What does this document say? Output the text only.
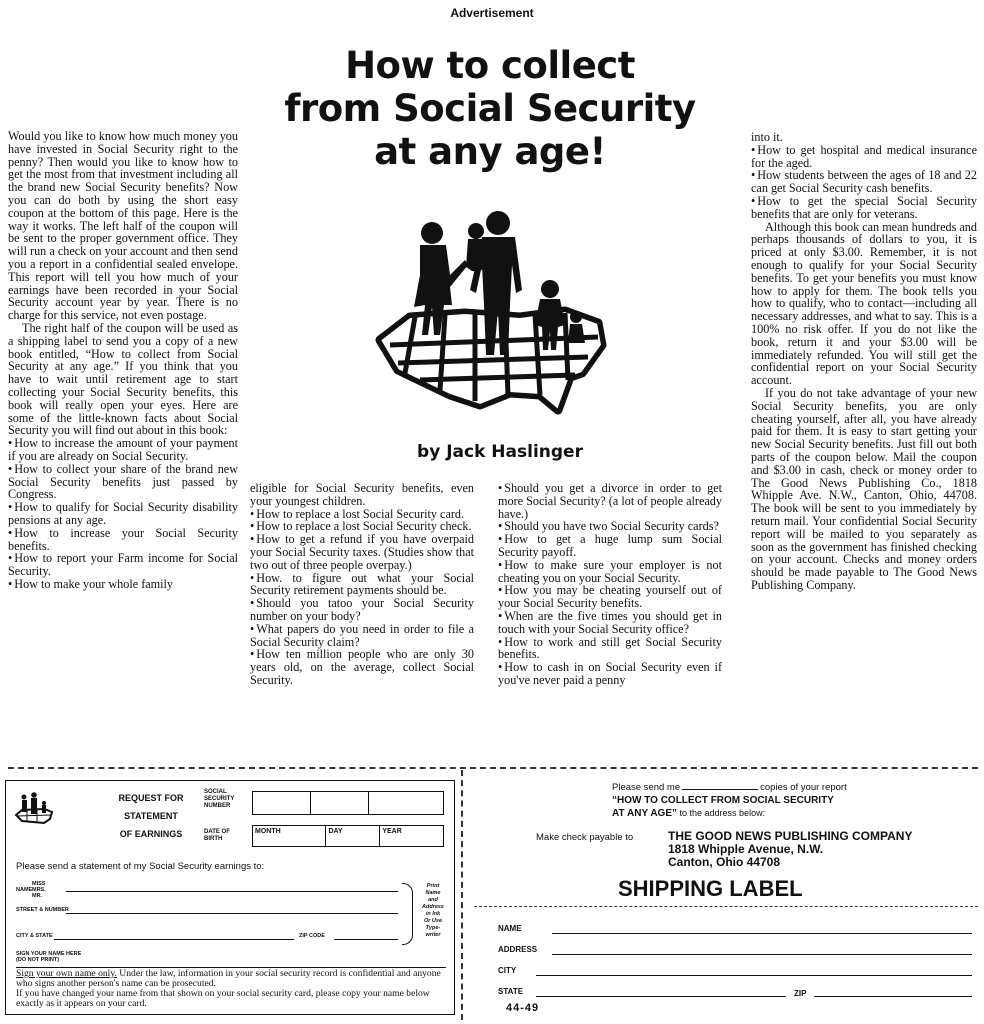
Advertisement
How to collect
from Social Security
at any age!
by Jack Haslinger

Would you like to know how much money you have invested in Social Security right to the penny? Then would you like to know how to get the most from that investment including all the brand new Social Security benefits? Now you can do both by using the short easy coupon at the bottom of this page. Here is the way it works. The left half of the coupon will be sent to the proper government office. They will run a check on your account and then send you a report in a confidential sealed envelope. This report will tell you how much of your earnings have been recorded in your Social Security account year by year. There is no charge for this service, not even postage.

The right half of the coupon will be used as a shipping label to send you a copy of a new book entitled, “How to collect from Social Security at any age.” If you think that you have to wait until retirement age to start collecting your Social Security benefits, this book will really open your eyes. Here are some of the little-known facts about Social Security you will find out about in this book:

• How to increase the amount of your payment if you are already on Social Security.

• How to collect your share of the brand new Social Security benefits just passed by Congress.

• How to qualify for Social Security disability pensions at any age.

• How to increase your Social Security benefits.

• How to report your Farm income for Social Security.

• How to make your whole family

eligible for Social Security benefits, even your youngest children.

• How to replace a lost Social Security card.

• How to replace a lost Social Security check.

• How to get a refund if you have overpaid your Social Security taxes. (Studies show that two out of three people overpay.)

• How. to figure out what your Social Security retirement payments should be.

• Should you tatoo your Social Security number on your body?

• What papers do you need in order to file a Social Security claim?

• How ten million people who are only 30 years old, on the average, collect Social Security.

• Should you get a divorce in order to get more Social Security? (a lot of people already have.)

• Should you have two Social Security cards?

• How to get a huge lump sum Social Security payoff.

• How to make sure your employer is not cheating you on your Social Security.

• How you may be cheating yourself out of your Social Security benefits.

• When are the five times you should get in touch with your Social Security office?

• How to work and still get Social Security benefits.

• How to cash in on Social Security even if you've never paid a penny

into it.

• How to get hospital and medical insurance for the aged.

• How students between the ages of 18 and 22 can get Social Security cash benefits.

• How to get the special Social Security benefits that are only for veterans.

Although this book can mean hundreds and perhaps thousands of dollars to you, it is priced at only $3.00. Remember, it is not enough to qualify for your Social Security benefits. To get your benefits you must know how to apply for them. The book tells you how to qualify, who to contact—including all necessary addresses, and what to say. This is a 100% no risk offer. If you do not like the book, return it and your $3.00 will be immediately refunded. You will still get the confidential report on your Social Security account.

If you do not take advantage of your new Social Security benefits, you are only cheating yourself, after all, you have already paid for them. It is easy to start getting your new Social Security benefits. Just fill out both parts of the coupon below. Mail the coupon and $3.00 in cash, check or money order to The Good News Publishing Co., 1818 Whipple Ave. N.W., Canton, Ohio, 44708. The book will be sent to you immediately by return mail. Your confidential Social Security report will be mailed to you separately as soon as the government has finished checking on your account. Checks and money orders should be made payable to The Good News Publishing Company.

REQUEST FOR
STATEMENT
OF EARNINGS
SOCIAL
SECURITY
NUMBER
DATE OF
BIRTH
MONTH	DAY	YEAR
Please send a statement of my Social Security earnings to:
NAME
MISS
MRS.
MR.
STREET & NUMBER
CITY & STATE	ZIP CODE
Print
Name
and
Address
in Ink
Or Use
Type-
writer
SIGN YOUR NAME HERE
(DO NOT PRINT)
Sign your own name only. Under the law, information in your social security record is confidential and anyone who signs another person's name can be prosecuted.
If you have changed your name from that shown on your social security card, please copy your name below exactly as it appears on your card.
Please send me	copies of your report
“HOW TO COLLECT FROM SOCIAL SECURITY
AT ANY AGE” to the address below:
Make check payable to	THE GOOD NEWS PUBLISHING COMPANY
1818 Whipple Avenue, N.W.
Canton, Ohio 44708
SHIPPING LABEL
NAME
ADDRESS
CITY
STATE	ZIP
44-49
